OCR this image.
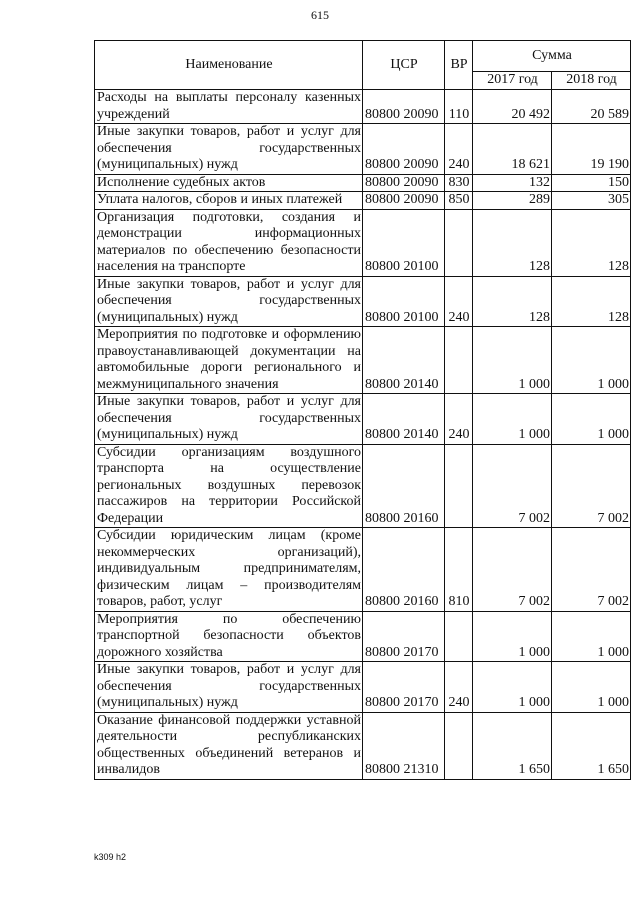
615
Наименование	ЦСР	ВР	Сумма	
			2017 год	2018 год
Расходы на выплаты персоналу казенных учреждений	80800 20090	110	20 492	20 589
Иные закупки товаров, работ и услуг для обеспечения государственных (муниципальных) нужд	80800 20090	240	18 621	19 190
Исполнение судебных актов	80800 20090	830	132	150
Уплата налогов, сборов и иных платежей	80800 20090	850	289	305
Организация подготовки, создания и демонстрации информационных материалов по обеспечению безопасности населения на транспорте	80800 20100		128	128
Иные закупки товаров, работ и услуг для обеспечения государственных (муниципальных) нужд	80800 20100	240	128	128
Мероприятия по подготовке и оформлению правоустанавливающей документации на автомобильные дороги регионального и межмуниципального значения	80800 20140		1 000	1 000
Иные закупки товаров, работ и услуг для обеспечения государственных (муниципальных) нужд	80800 20140	240	1 000	1 000
Субсидии организациям воздушного транспорта на осуществление региональных воздушных перевозок пассажиров на территории Российской Федерации	80800 20160		7 002	7 002
Субсидии юридическим лицам (кроме некоммерческих организаций), индивидуальным предпринимателям, физическим лицам – производителям товаров, работ, услуг	80800 20160	810	7 002	7 002
Мероприятия по обеспечению транспортной безопасности объектов дорожного хозяйства	80800 20170		1 000	1 000
Иные закупки товаров, работ и услуг для обеспечения государственных (муниципальных) нужд	80800 20170	240	1 000	1 000
Оказание финансовой поддержки уставной деятельности республиканских общественных объединений ветеранов и инвалидов	80800 21310		1 650	1 650
k309 h2
